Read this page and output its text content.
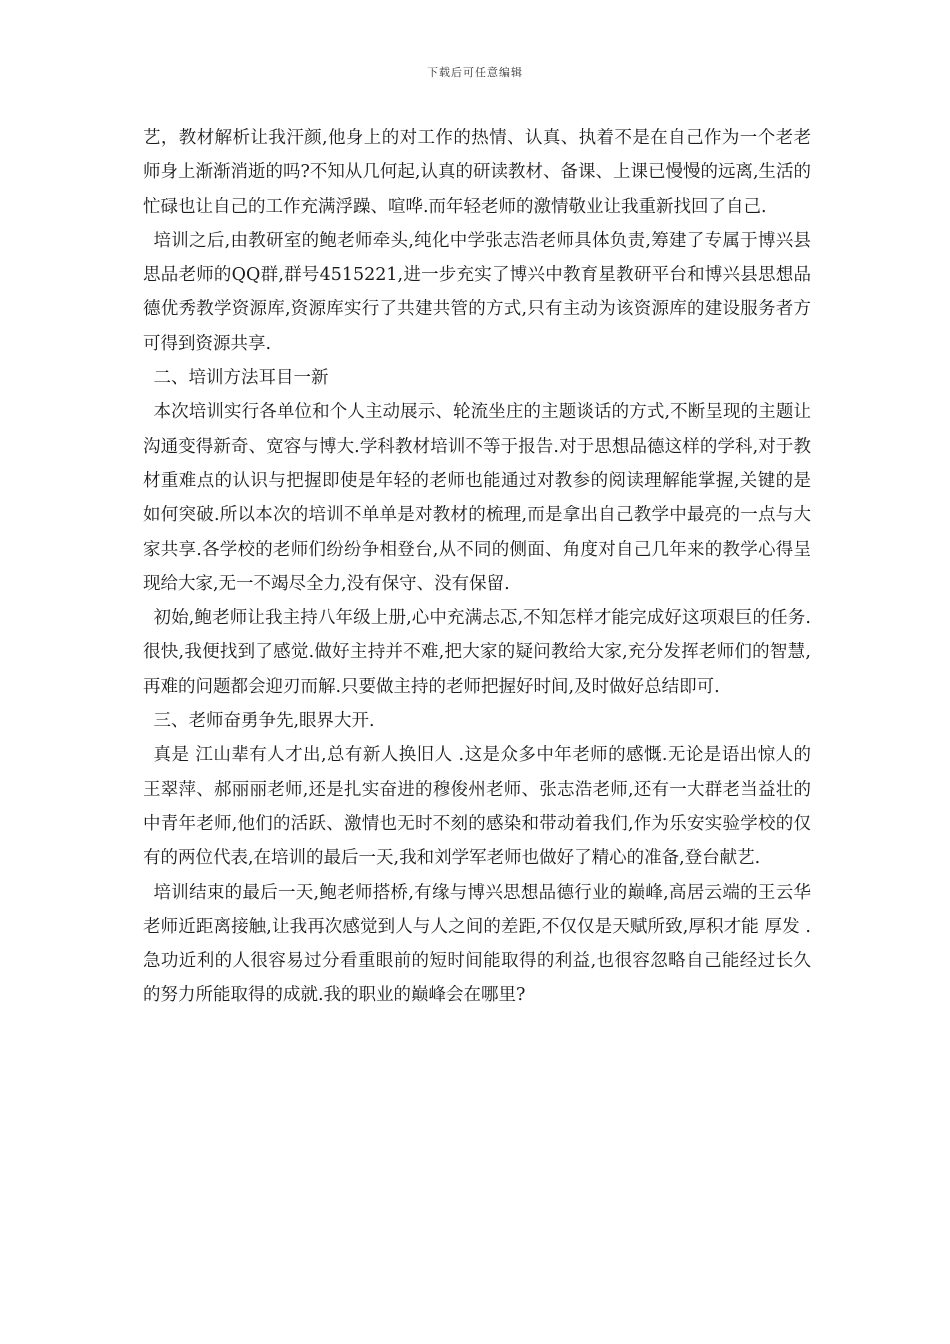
下载后可任意编辑

艺，教材解析让我汗颜,他身上的对工作的热情、认真、执着不是在自己作为一个老老师身上渐渐消逝的吗?不知从几何起,认真的研读教材、备课、上课已慢慢的远离,生活的忙碌也让自己的工作充满浮躁、喧哗.而年轻老师的激情敬业让我重新找回了自己.

培训之后,由教研室的鲍老师牵头,纯化中学张志浩老师具体负责,筹建了专属于博兴县思品老师的QQ群,群号4515221,进一步充实了博兴中教育星教研平台和博兴县思想品德优秀教学资源库,资源库实行了共建共管的方式,只有主动为该资源库的建设服务者方可得到资源共享.

二、培训方法耳目一新

本次培训实行各单位和个人主动展示、轮流坐庄的主题谈话的方式,不断呈现的主题让沟通变得新奇、宽容与博大.学科教材培训不等于报告.对于思想品德这样的学科,对于教材重难点的认识与把握即使是年轻的老师也能通过对教参的阅读理解能掌握,关键的是如何突破.所以本次的培训不单单是对教材的梳理,而是拿出自己教学中最亮的一点与大家共享.各学校的老师们纷纷争相登台,从不同的侧面、角度对自己几年来的教学心得呈现给大家,无一不竭尽全力,没有保守、没有保留.

初始,鲍老师让我主持八年级上册,心中充满忐忑,不知怎样才能完成好这项艰巨的任务.很快,我便找到了感觉.做好主持并不难,把大家的疑问教给大家,充分发挥老师们的智慧,再难的问题都会迎刃而解.只要做主持的老师把握好时间,及时做好总结即可.

三、老师奋勇争先,眼界大开.

真是 江山辈有人才出,总有新人换旧人 .这是众多中年老师的感慨.无论是语出惊人的王翠萍、郝丽丽老师,还是扎实奋进的穆俊州老师、张志浩老师,还有一大群老当益壮的中青年老师,他们的活跃、激情也无时不刻的感染和带动着我们,作为乐安实验学校的仅有的两位代表,在培训的最后一天,我和刘学军老师也做好了精心的准备,登台献艺.

培训结束的最后一天,鲍老师搭桥,有缘与博兴思想品德行业的巅峰,高居云端的王云华老师近距离接触,让我再次感觉到人与人之间的差距,不仅仅是天赋所致,厚积才能 厚发 .急功近利的人很容易过分看重眼前的短时间能取得的利益,也很容忽略自己能经过长久的努力所能取得的成就.我的职业的巅峰会在哪里?
